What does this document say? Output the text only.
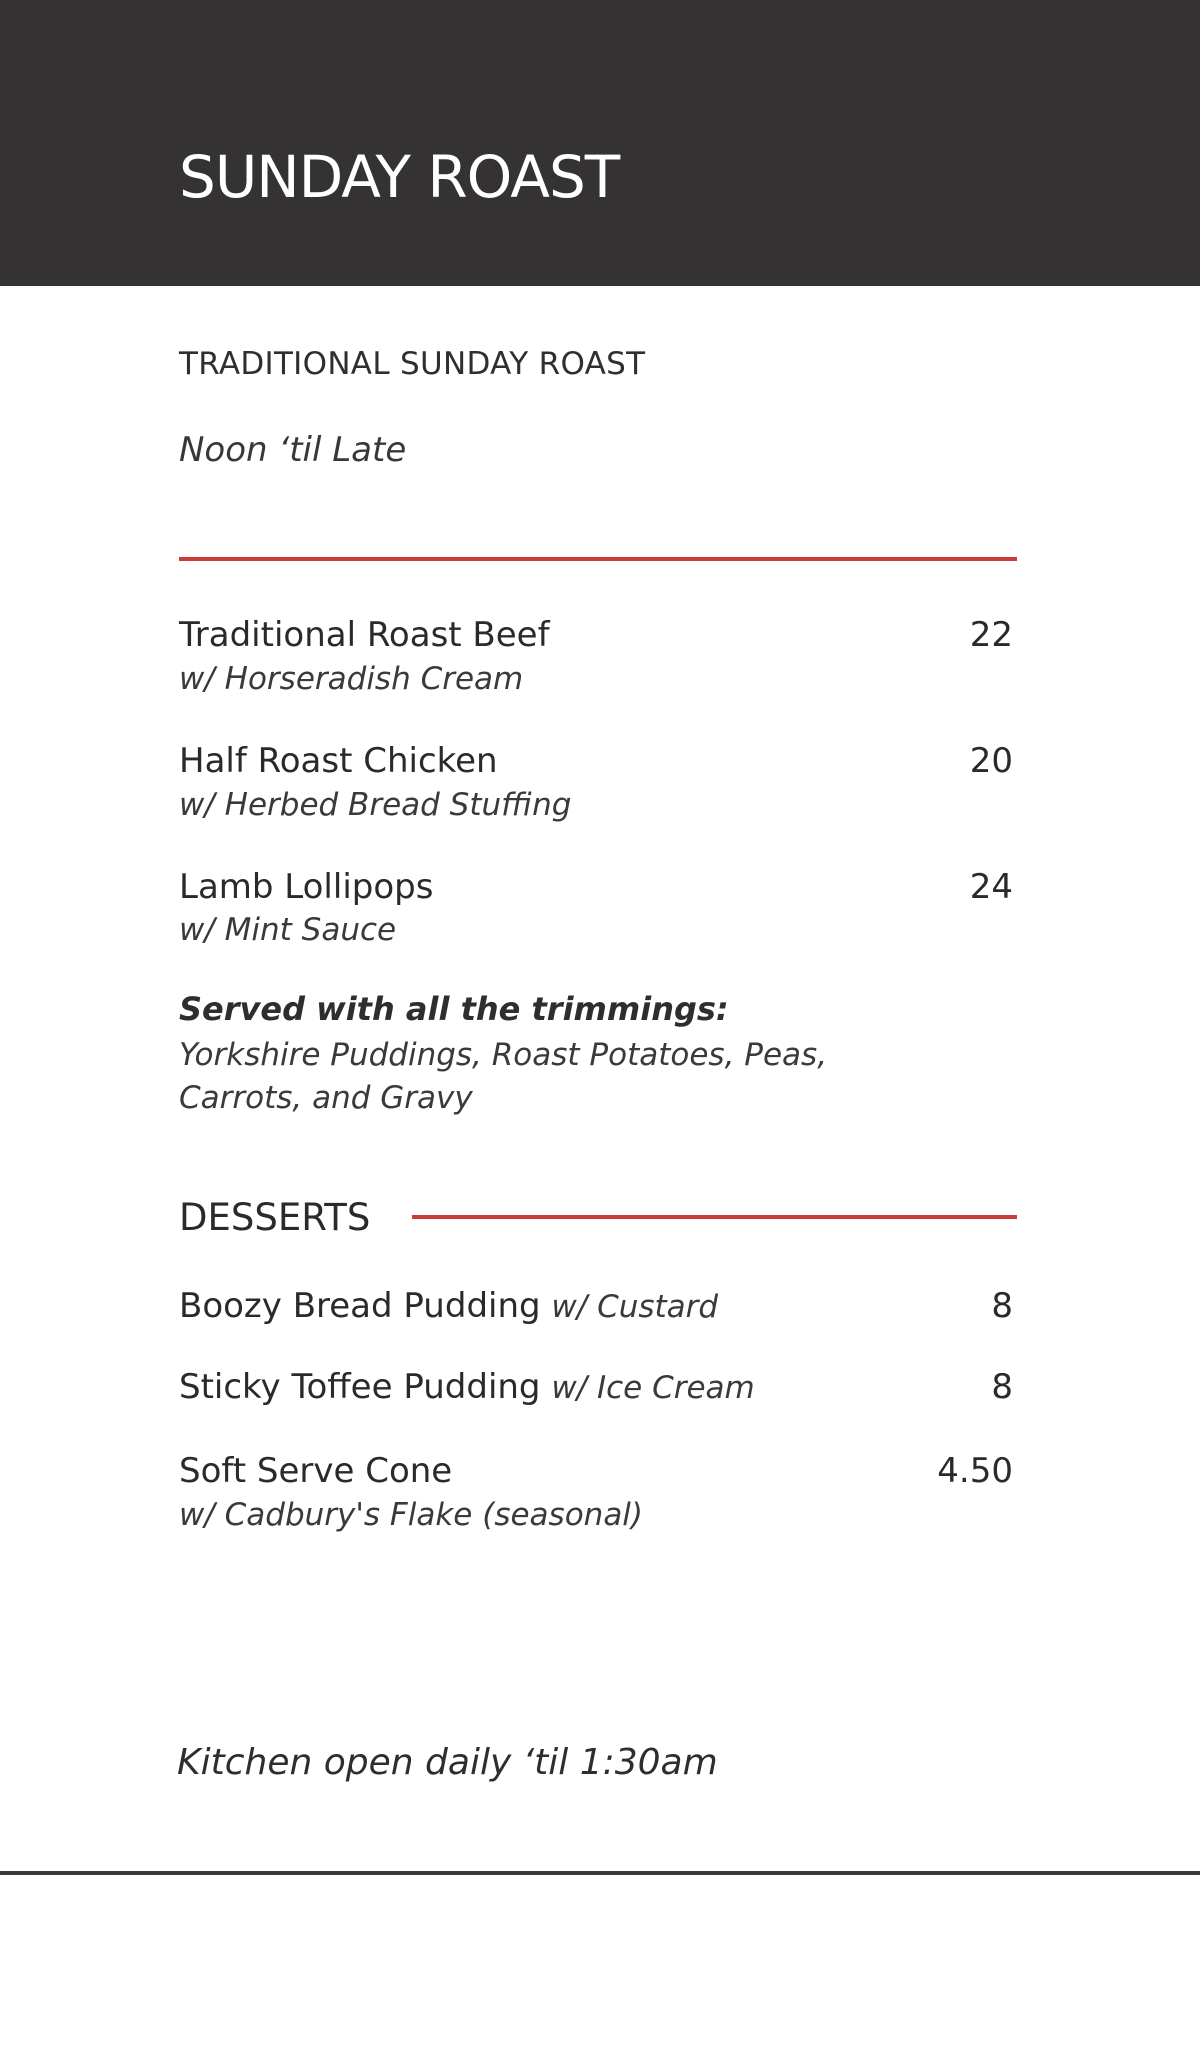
SUNDAY ROAST
TRADITIONAL SUNDAY ROAST
Noon ‘til Late
Traditional Roast Beef	22
w/ Horseradish Cream
Half Roast Chicken	20
w/ Herbed Bread Stuffing
Lamb Lollipops	24
w/ Mint Sauce
Served with all the trimmings:
Yorkshire Puddings, Roast Potatoes, Peas, Carrots, and Gravy
DESSERTS
Boozy Bread Pudding w/ Custard	8
Sticky Toffee Pudding w/ Ice Cream	8
Soft Serve Cone	4.50
w/ Cadbury's Flake (seasonal)
Kitchen open daily ‘til 1:30am
